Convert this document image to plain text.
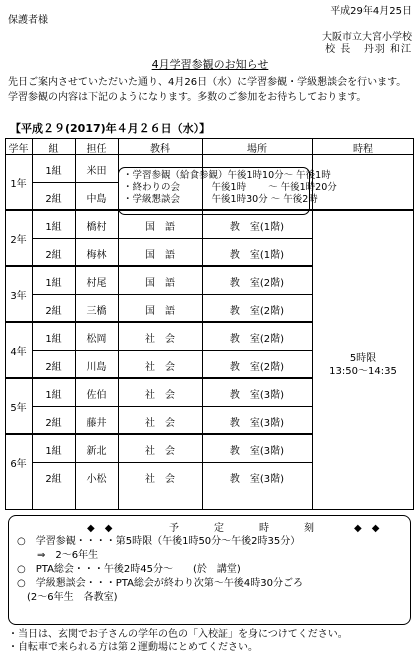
平成29年4月25日
保護者様
大阪市立大宮小学校
校 長 丹羽 和江
4月学習参観のお知らせ
先日ご案内させていただいた通り、4月26日（水）に学習参観・学級懇談会を行います。学習参観の内容は下記のようになります。多数のご参加をお待ちしております。
【平成２９(2017)年４月２６日（水）】
学年	組	担任	教科	場所	時程
1年
1組	米田
2組	中島
2年
1組	橋村	国　語	教　室(1階)
2組	梅林	国　語	教　室(1階)
3年
1組	村尾	国　語	教　室(2階)
2組	三橋	国　語	教　室(2階)
4年
1組	松岡	社　会	教　室(2階)
2組	川島	社　会	教　室(2階)
5年
1組	佐伯	社　会	教　室(3階)
2組	藤井	社　会	教　室(3階)
6年
1組	新北	社　会	教　室(3階)
2組	小松	社　会	教　室(3階)
5時限
13:50～14:35
・学習参観（給食参観）午後1時10分～ 午後1時
・終わりの会　　　 午後1時　　 ～ 午後1時20分
・学級懇談会　　　 午後1時30分 ～ 午後2時
◆　◆	予	定	時	刻	◆　◆
○　学習参観・・・・第5時限（午後1時50分～午後2時35分）
　　⇒　2～6年生
○　PTA総会・・・午後2時45分～　　(於　講堂)
○　学級懇談会・・・PTA総会が終わり次第～午後4時30分ごろ
　(2～6年生　各教室)
・当日は、玄関でお子さんの学年の色の「入校証」を身につけてください。
・自転車で来られる方は第２運動場にとめてください。
